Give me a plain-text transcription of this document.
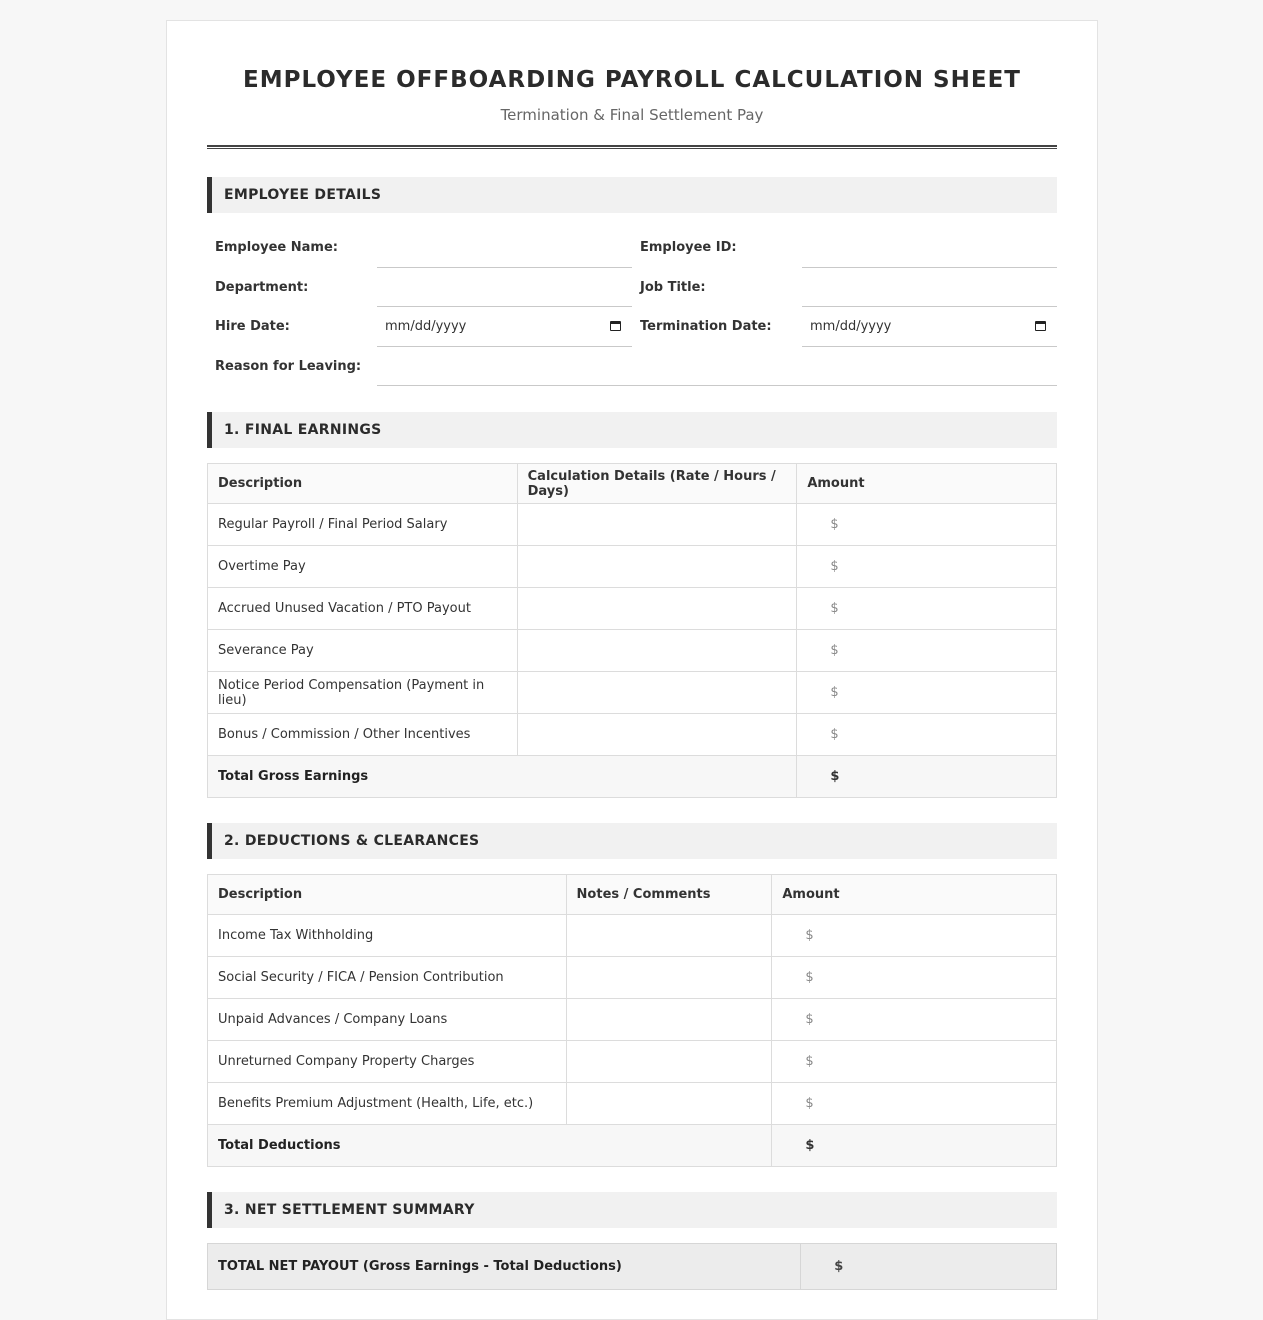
EMPLOYEE OFFBOARDING PAYROLL CALCULATION SHEET
Termination & Final Settlement Pay
EMPLOYEE DETAILS
Employee Name:	Employee ID:
Department:	Job Title:
Hire Date:	mm/dd/yyyy	Termination Date:	mm/dd/yyyy
Reason for Leaving:
1. FINAL EARNINGS
Description	Calculation Details (Rate / Hours / Days)	Amount
Regular Payroll / Final Period Salary		$
Overtime Pay		$
Accrued Unused Vacation / PTO Payout		$
Severance Pay		$
Notice Period Compensation (Payment in lieu)		$
Bonus / Commission / Other Incentives		$
Total Gross Earnings		$
2. DEDUCTIONS & CLEARANCES
Description	Notes / Comments	Amount
Income Tax Withholding		$
Social Security / FICA / Pension Contribution		$
Unpaid Advances / Company Loans		$
Unreturned Company Property Charges		$
Benefits Premium Adjustment (Health, Life, etc.)		$
Total Deductions		$
3. NET SETTLEMENT SUMMARY
TOTAL NET PAYOUT (Gross Earnings - Total Deductions)	$
